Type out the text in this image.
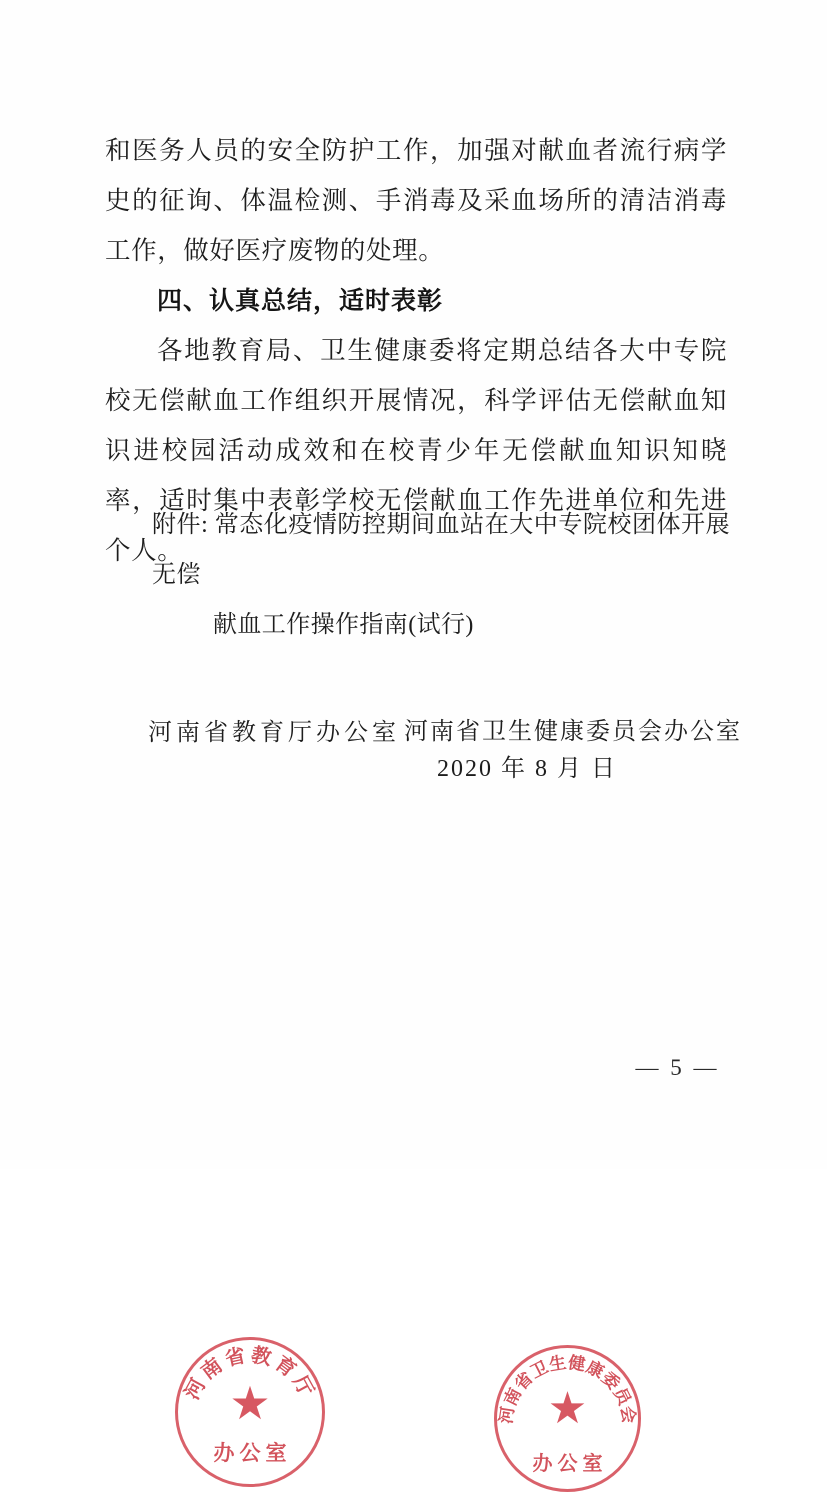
和医务人员的安全防护工作，加强对献血者流行病学史的征询、体温检测、手消毒及采血场所的清洁消毒工作，做好医疗废物的处理。

四、认真总结，适时表彰

各地教育局、卫生健康委将定期总结各大中专院校无偿献血工作组织开展情况，科学评估无偿献血知识进校园活动成效和在校青少年无偿献血知识知晓率，适时集中表彰学校无偿献血工作先进单位和先进个人。

附件: 常态化疫情防控期间血站在大中专院校团体开展无偿

献血工作操作指南(试行)

河南省教育厅办公室 河南省卫生健康委员会办公室
2020 年 8 月 日
河南省教育厅
★
办公室
河南省卫生健康委员会
★
办公室
— 5 —
